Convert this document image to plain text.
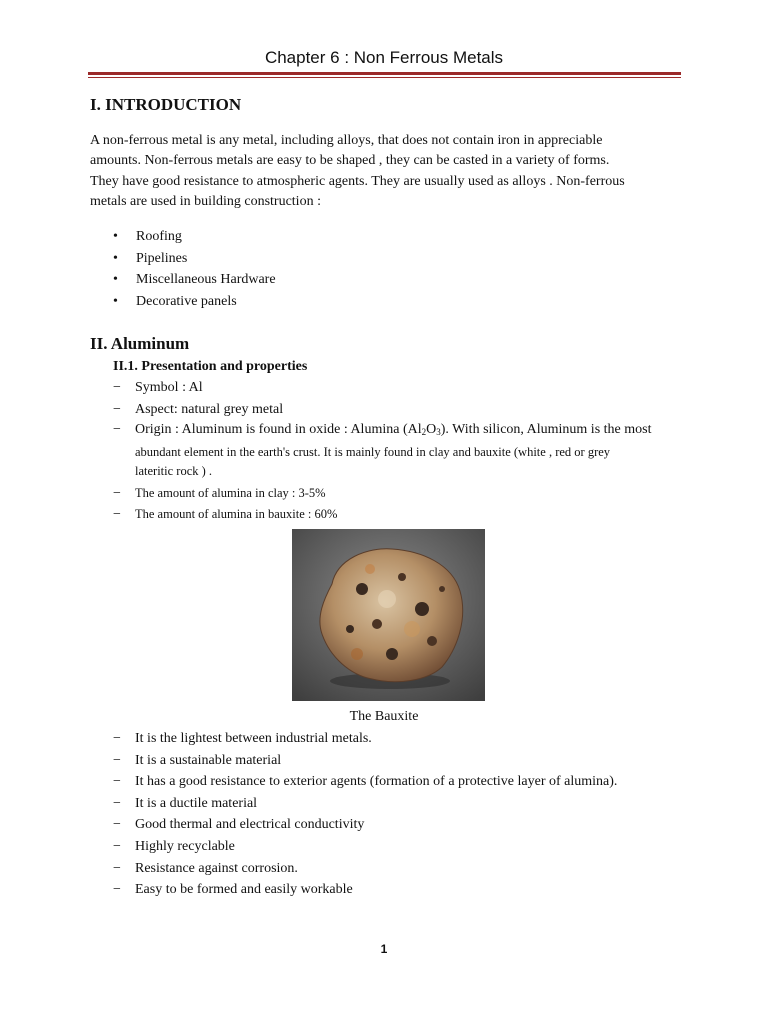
Chapter 6 : Non Ferrous Metals
I. INTRODUCTION
A non-ferrous metal is any metal, including alloys, that does not contain iron in appreciable
amounts. Non-ferrous metals are easy to be shaped , they can be casted in a variety of forms.
They have good resistance to atmospheric agents. They are usually used as alloys . Non-ferrous
metals are used in building construction :
• Roofing
• Pipelines
• Miscellaneous Hardware
• Decorative panels
II. Aluminum
II.1. Presentation and properties
− Symbol : Al
− Aspect: natural grey metal
− Origin : Aluminum is found in oxide : Alumina $(Al_2O_3)$. With silicon, Aluminum is the most
abundant element in the earth's crust. It is mainly found in clay and bauxite (white , red or grey
lateritic rock ) .
− The amount of alumina in clay : 3-5%
− The amount of alumina in bauxite : 60%
The Bauxite
− It is the lightest between industrial metals.
− It is a sustainable material
− It has a good resistance to exterior agents (formation of a protective layer of alumina).
− It is a ductile material
− Good thermal and electrical conductivity
− Highly recyclable
− Resistance against corrosion.
− Easy to be formed and easily workable
1
